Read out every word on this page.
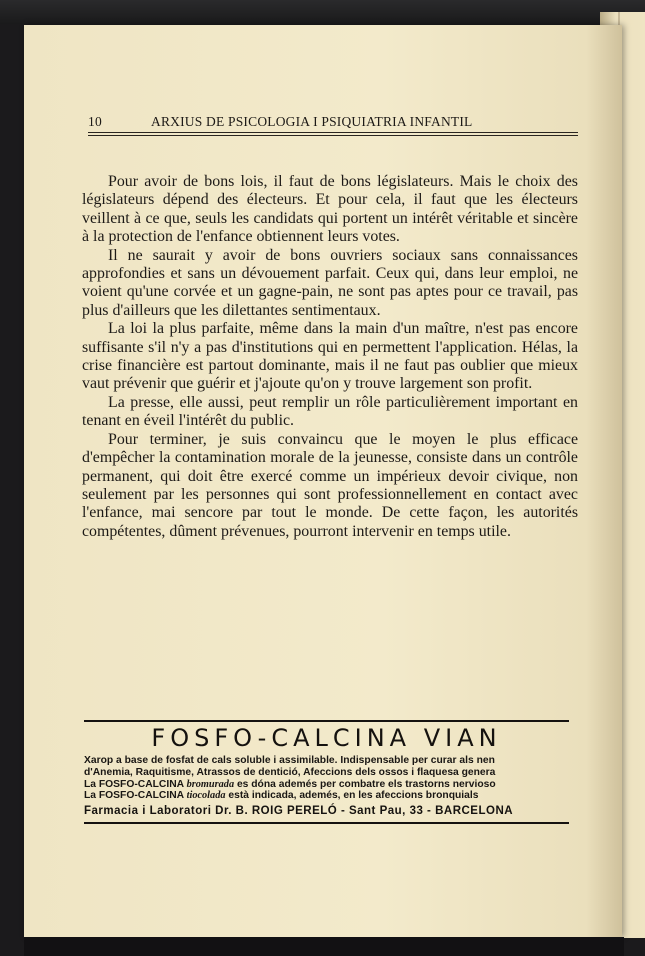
10	ARXIUS DE PSICOLOGIA I PSIQUIATRIA INFANTIL

Pour avoir de bons lois, il faut de bons législateurs. Mais le choix des législateurs dépend des électeurs. Et pour cela, il faut que les électeurs veillent à ce que, seuls les candidats qui portent un intérêt véritable et sincère à la protection de l'enfance obtiennent leurs votes.

Il ne saurait y avoir de bons ouvriers sociaux sans connaissances approfondies et sans un dévouement parfait. Ceux qui, dans leur emploi, ne voient qu'une corvée et un gagne-pain, ne sont pas aptes pour ce travail, pas plus d'ailleurs que les dilettantes sentimentaux.

La loi la plus parfaite, même dans la main d'un maître, n'est pas encore suffisante s'il n'y a pas d'institutions qui en permettent l'application. Hélas, la crise financière est partout dominante, mais il ne faut pas oublier que mieux vaut prévenir que guérir et j'ajoute qu'on y trouve largement son profit.

La presse, elle aussi, peut remplir un rôle particulièrement important en tenant en éveil l'intérêt du public.

Pour terminer, je suis convaincu que le moyen le plus efficace d'empêcher la contamination morale de la jeunesse, consiste dans un contrôle permanent, qui doit être exercé comme un impérieux devoir civique, non seulement par les personnes qui sont professionnellement en contact avec l'enfance, mai sencore par tout le monde. De cette façon, les autorités compétentes, dûment prévenues, pourront intervenir en temps utile.

FOSFO-CALCINA VIAN
Xarop a base de fosfat de cals soluble i assimilable. Indispensable per curar als nen
d'Anemia, Raquitisme, Atrassos de dentició, Afeccions dels ossos i flaquesa genera
La FOSFO-CALCINA bromurada es dóna ademés per combatre els trastorns nervioso
La FOSFO-CALCINA tiocolada està indicada, ademés, en les afeccions bronquials
Farmacia i Laboratori Dr. B. ROIG PERELÓ - Sant Pau, 33 - BARCELONA
